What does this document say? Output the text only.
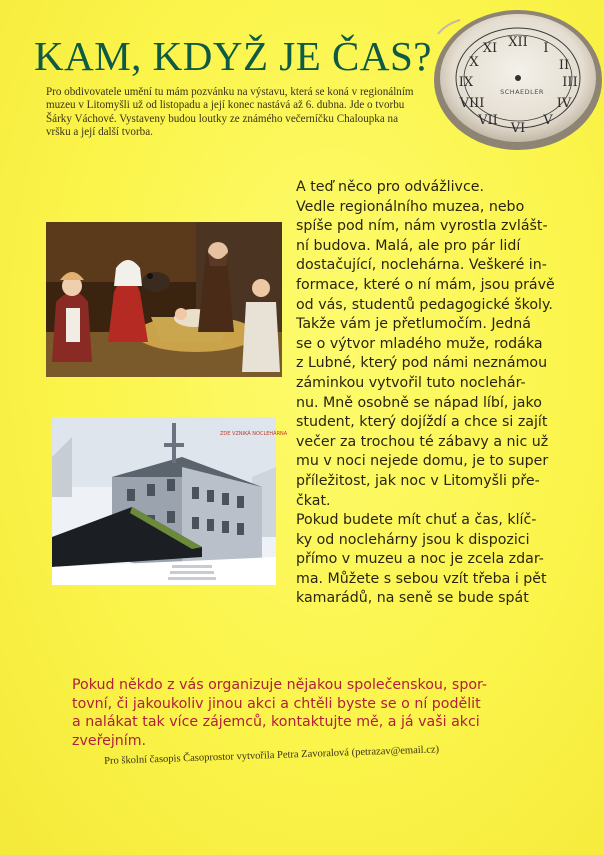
KAM, KDYŽ JE ČAS?

Pro obdivovatele umění tu mám pozvánku na výstavu, která se koná v regionálním muzeu v Litomyšli už od listopadu a její konec nastává až 6. dubna. Jde o tvorbu Šárky Váchové. Vystaveny budou loutky ze známého večerníčku Chaloupka na vršku a její další tvorba.

XII I
II
III
IV
V
VI
VII
VIII
IX
X
XI
SCHAEDLER
ZDE VZNIKÁ NOCLEHÁRNA

A teď něco pro odvážlivce.
Vedle regionálního muzea, nebo
spíše pod ním, nám vyrostla zvlášt-
ní budova. Malá, ale pro pár lidí
dostačující, noclehárna. Veškeré in-
formace, které o ní mám, jsou právě
od vás, studentů pedagogické školy.
Takže vám je přetlumočím. Jedná
se o výtvor mladého muže, rodáka
z Lubné, který pod námi neznámou
záminkou vytvořil tuto noclehár-
nu. Mně osobně se nápad líbí, jako
student, který dojíždí a chce si zajít
večer za trochou té zábavy a nic už
mu v noci nejede domu, je to super
příležitost, jak noc v Litomyšli pře-
čkat.
Pokud budete mít chuť a čas, klíč-
ky od noclehárny jsou k dispozici
přímo v muzeu a noc je zcela zdar-
ma. Můžete s sebou vzít třeba i pět
kamarádů, na seně se bude spát

Pokud někdo z vás organizuje nějakou společenskou, spor-
tovní, či jakoukoliv jinou akci a chtěli byste se o ní podělit
a nalákat tak více zájemců, kontaktujte mě, a já vaši akci
zveřejním.

Pro školní časopis Časoprostor vytvořila Petra Zavoralová (petrazav@email.cz)
